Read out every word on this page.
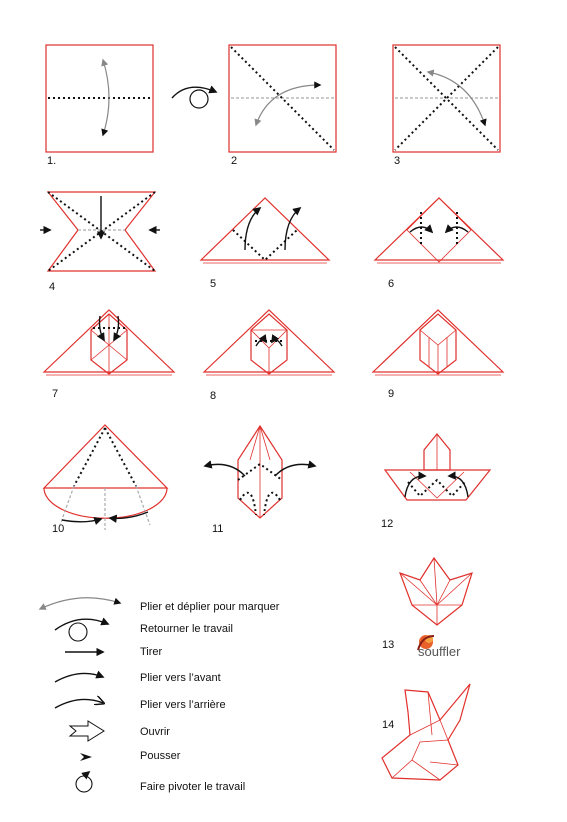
1.	2	3
4	5	6
7	8	9
10	11	12
13 souffler
14
Plier et déplier pour marquer
Retourner le travail
Tirer
Plier vers l’avant
Plier vers l’arrière
Ouvrir
Pousser
Faire pivoter le travail
